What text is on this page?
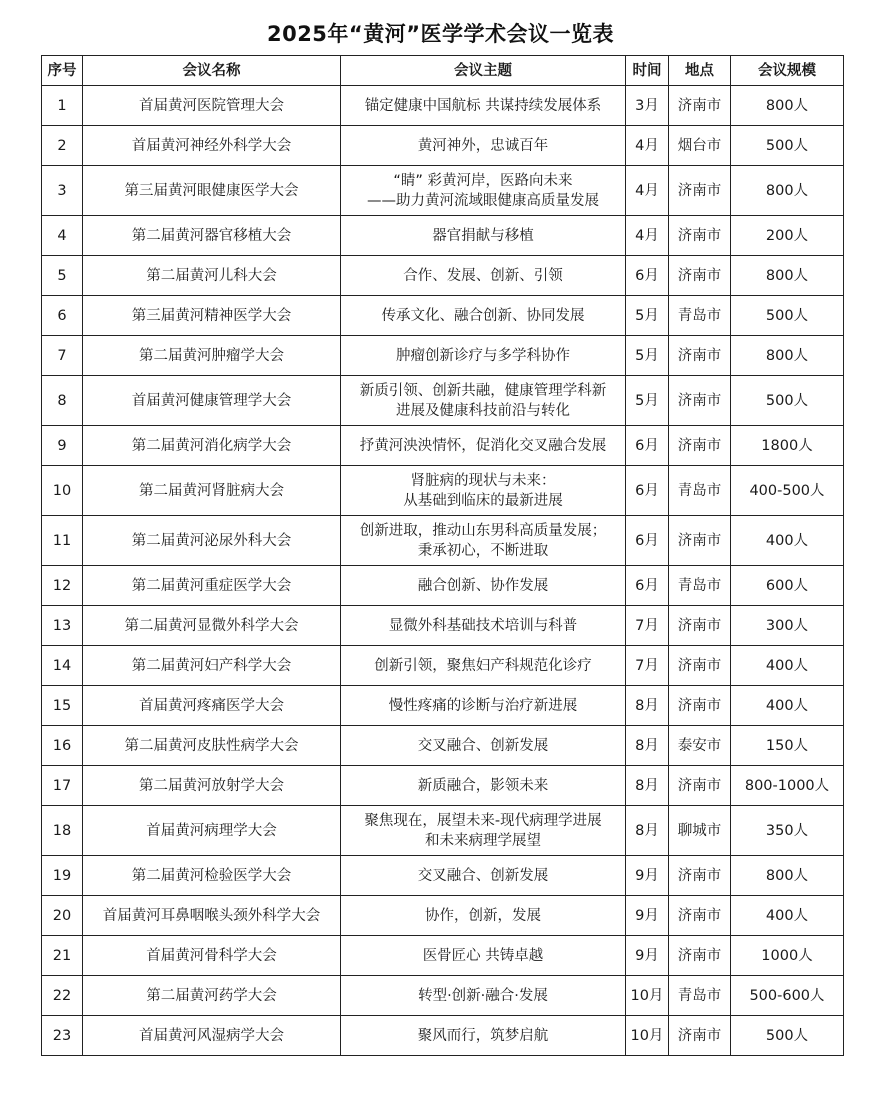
2025年“黄河”医学学术会议一览表
序号	会议名称	会议主题	时间	地点	会议规模
1	首届黄河医院管理大会	锚定健康中国航标 共谋持续发展体系	3月	济南市	800人
2	首届黄河神经外科学大会	黄河神外，忠诚百年	4月	烟台市	500人
3	第三届黄河眼健康医学大会	“睛” 彩黄河岸，医路向未来
——助力黄河流域眼健康高质量发展	4月	济南市	800人
4	第二届黄河器官移植大会	器官捐献与移植	4月	济南市	200人
5	第二届黄河儿科大会	合作、发展、创新、引领	6月	济南市	800人
6	第三届黄河精神医学大会	传承文化、融合创新、协同发展	5月	青岛市	500人
7	第二届黄河肿瘤学大会	肿瘤创新诊疗与多学科协作	5月	济南市	800人
8	首届黄河健康管理学大会	新质引领、创新共融，健康管理学科新
进展及健康科技前沿与转化	5月	济南市	500人
9	第二届黄河消化病学大会	抒黄河泱泱情怀，促消化交叉融合发展	6月	济南市	1800人
10	第二届黄河肾脏病大会	肾脏病的现状与未来：
从基础到临床的最新进展	6月	青岛市	400-500人
11	第二届黄河泌尿外科大会	创新进取，推动山东男科高质量发展；
秉承初心，不断进取	6月	济南市	400人
12	第二届黄河重症医学大会	融合创新、协作发展	6月	青岛市	600人
13	第二届黄河显微外科学大会	显微外科基础技术培训与科普	7月	济南市	300人
14	第二届黄河妇产科学大会	创新引领，聚焦妇产科规范化诊疗	7月	济南市	400人
15	首届黄河疼痛医学大会	慢性疼痛的诊断与治疗新进展	8月	济南市	400人
16	第二届黄河皮肤性病学大会	交叉融合、创新发展	8月	泰安市	150人
17	第二届黄河放射学大会	新质融合，影领未来	8月	济南市	800-1000人
18	首届黄河病理学大会	聚焦现在，展望未来-现代病理学进展
和未来病理学展望	8月	聊城市	350人
19	第二届黄河检验医学大会	交叉融合、创新发展	9月	济南市	800人
20	首届黄河耳鼻咽喉头颈外科学大会	协作，创新，发展	9月	济南市	400人
21	首届黄河骨科学大会	医骨匠心 共铸卓越	9月	济南市	1000人
22	第二届黄河药学大会	转型·创新·融合·发展	10月	青岛市	500-600人
23	首届黄河风湿病学大会	聚风而行，筑梦启航	10月	济南市	500人
